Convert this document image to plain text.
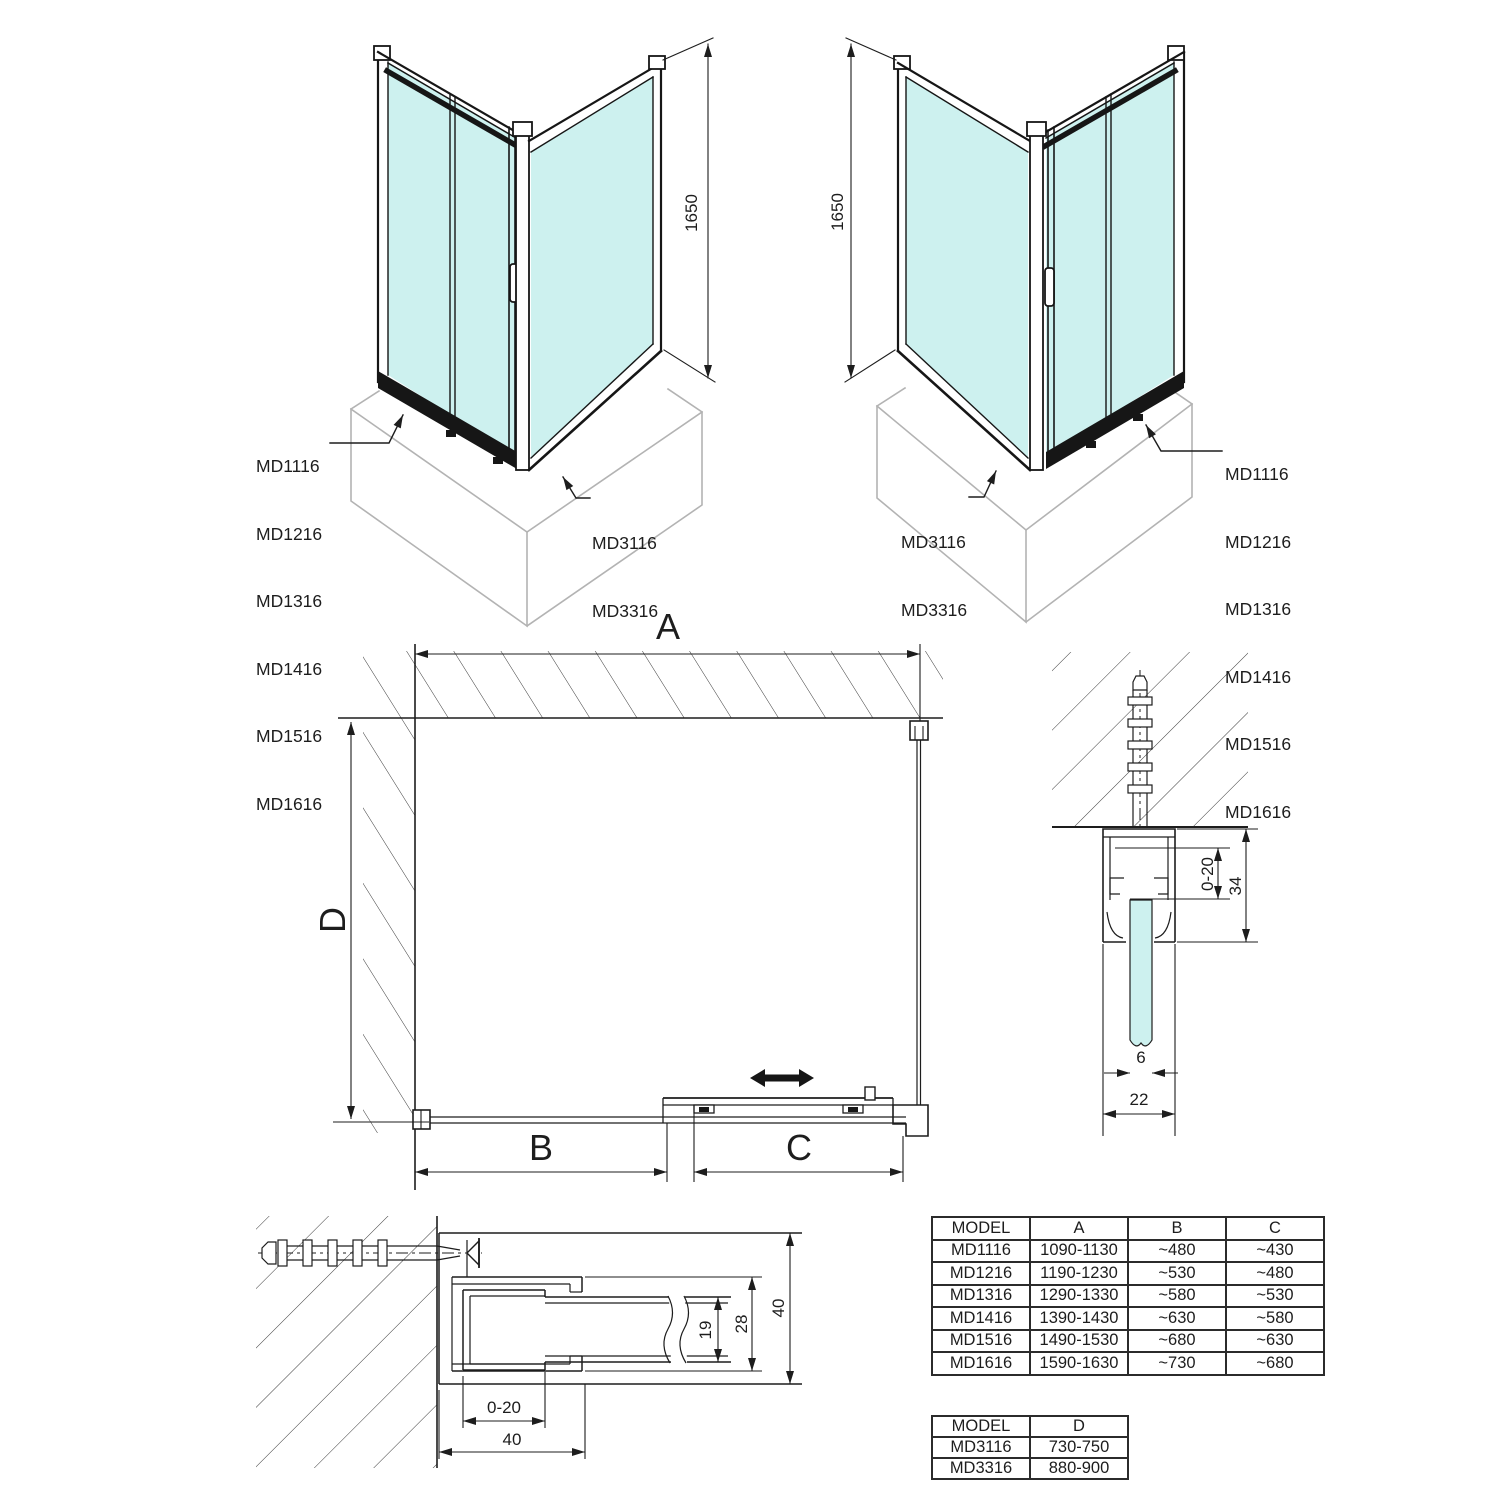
MD1116

MD1216

MD1316

MD1416

MD1516

MD1616

MD3116

MD3316

1650

MD3116

MD3316

MD1116

MD1216

MD1316

MD1416

MD1516

MD1616

1650
A
B	C
D
0-20 34
6
22
0-20
40
19 28
40
MODEL	A	B	C
MD1116	1090-1130	~480	~430
MD1216	1190-1230	~530	~480
MD1316	1290-1330	~580	~530
MD1416	1390-1430	~630	~580
MD1516	1490-1530	~680	~630
MD1616	1590-1630	~730	~680
MODEL	D
MD3116	730-750
MD3316	880-900
